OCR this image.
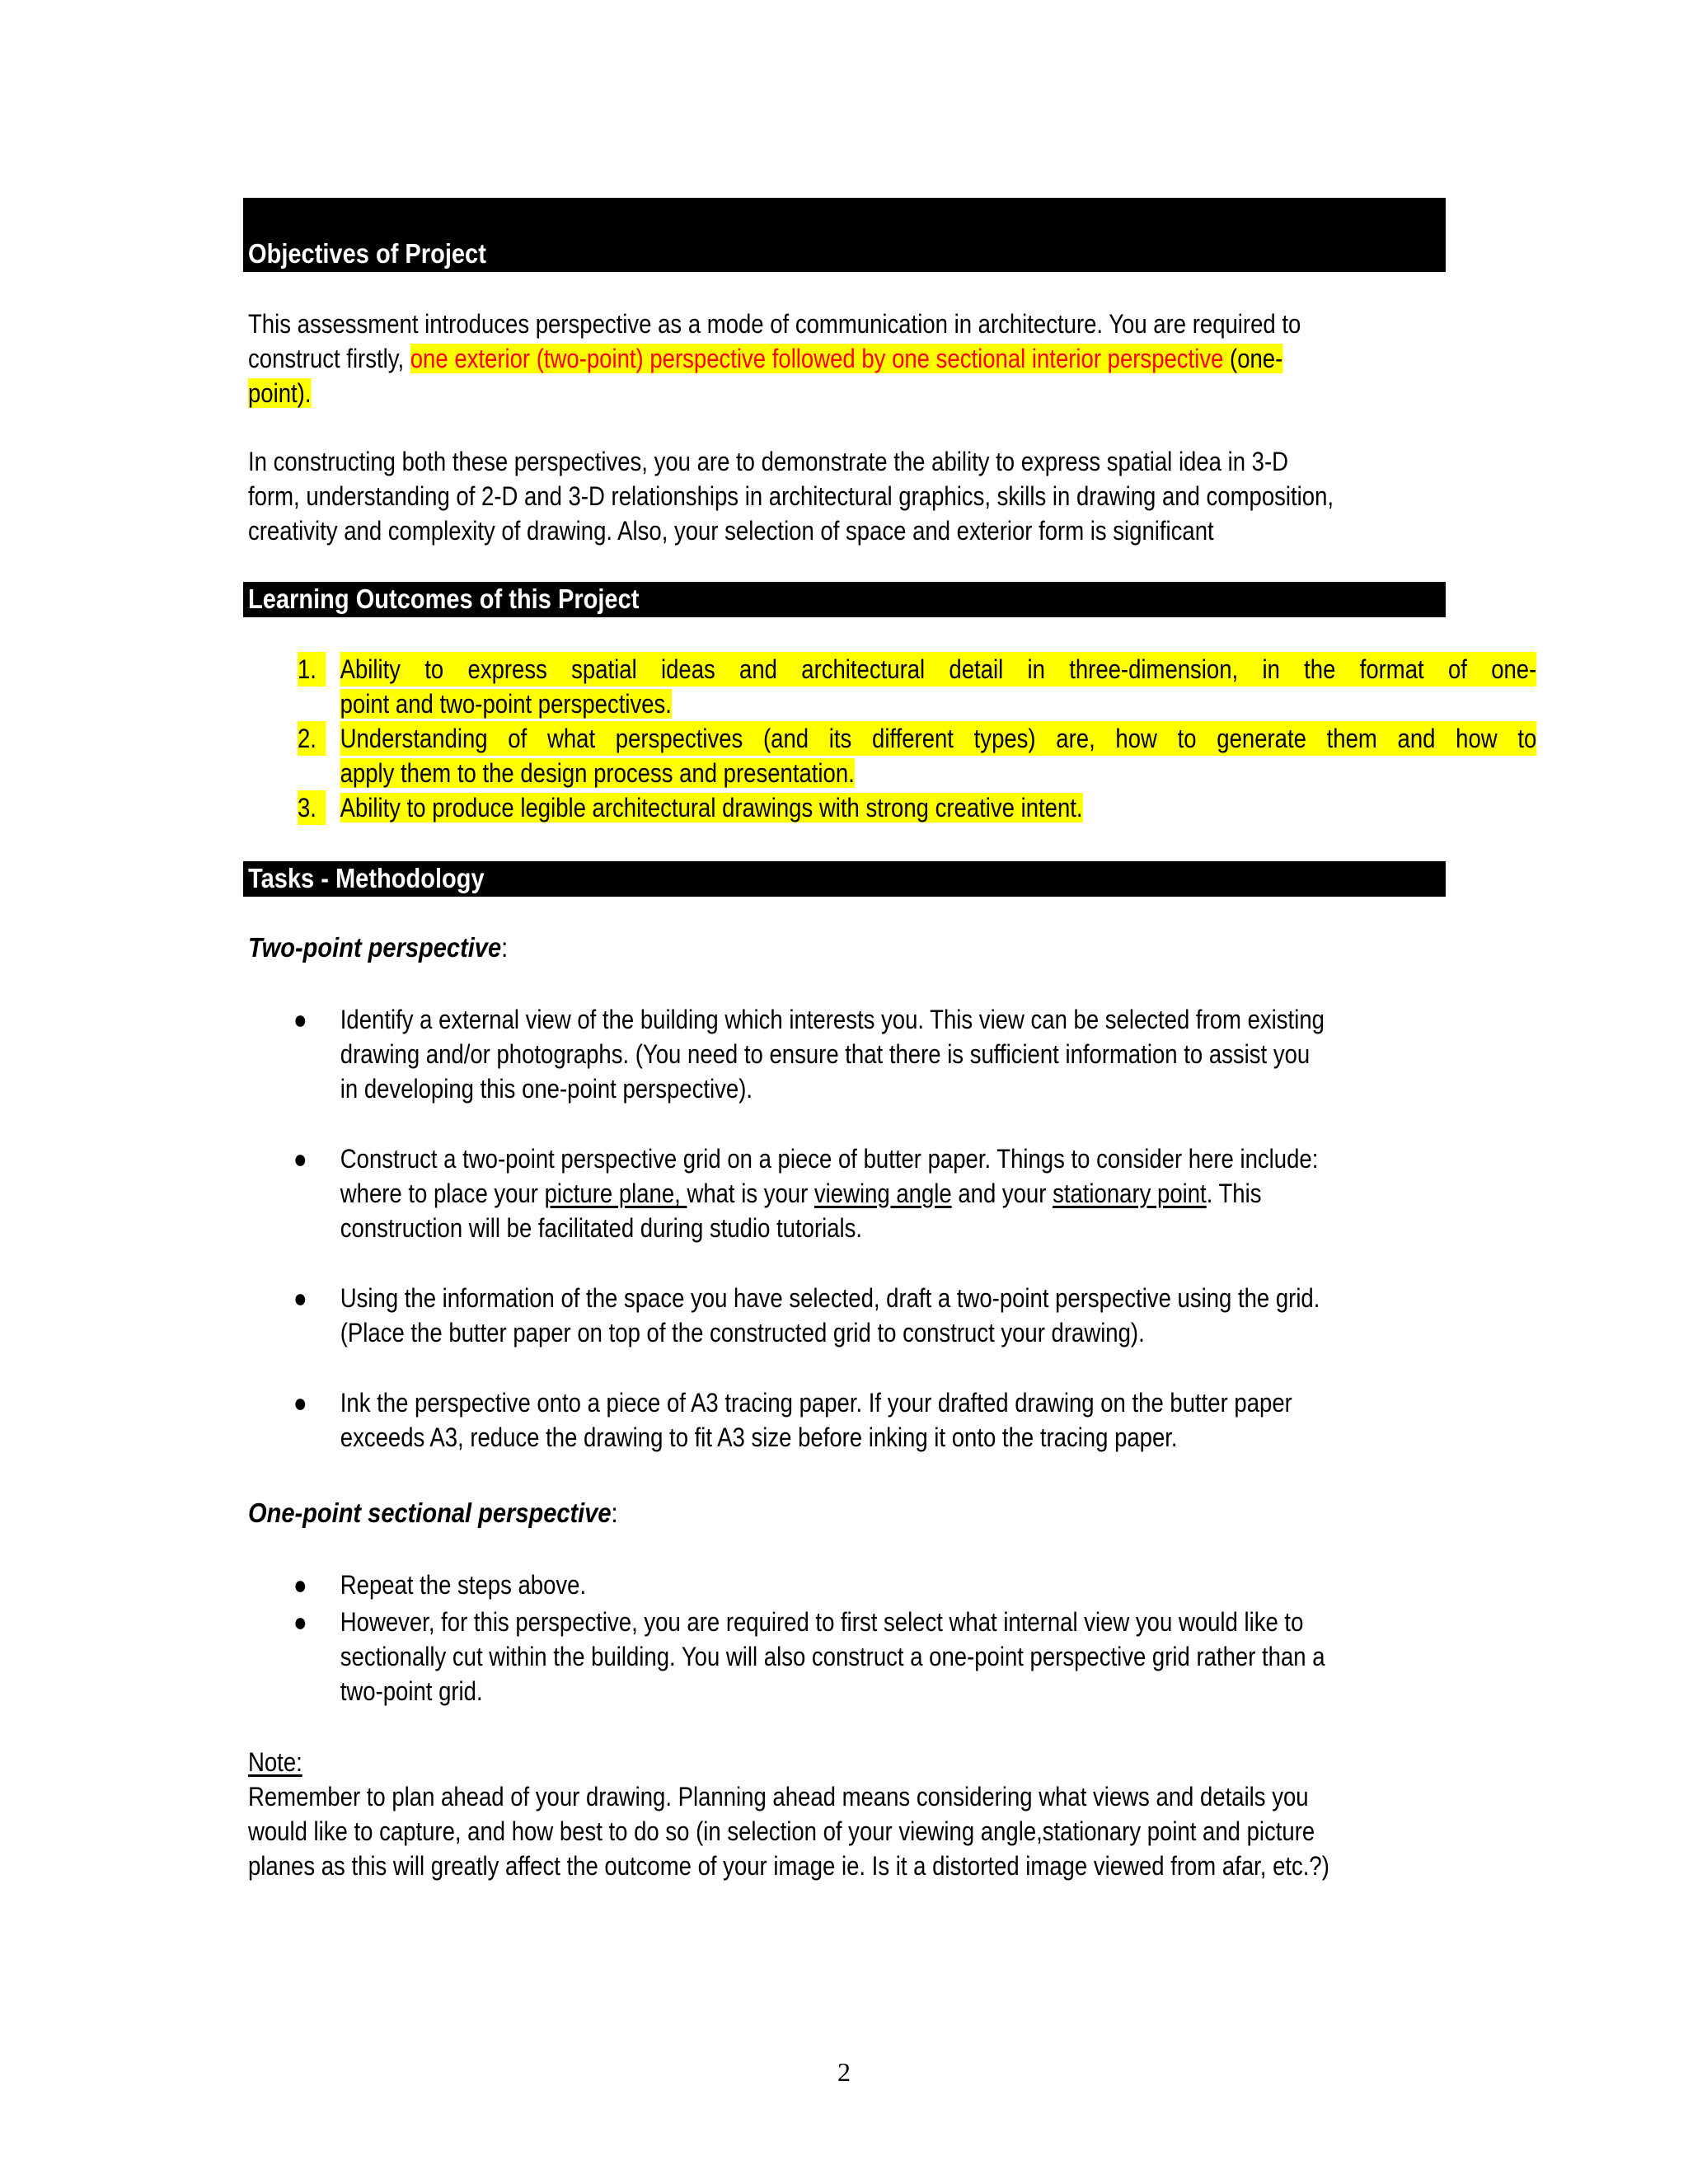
Objectives of Project
This assessment introduces perspective as a mode of communication in architecture. You are required to
construct firstly, one exterior (two-point) perspective followed by one sectional interior perspective (one-
point).
In constructing both these perspectives, you are to demonstrate the ability to express spatial idea in 3-D
form, understanding of 2-D and 3-D relationships in architectural graphics, skills in drawing and composition,
creativity and complexity of drawing. Also, your selection of space and exterior form is significant
Learning Outcomes of this Project
1. Ability to express spatial ideas and architectural detail in three-dimension, in the format of one-
point and two-point perspectives.
2. Understanding of what perspectives (and its different types) are, how to generate them and how to
apply them to the design process and presentation.
3. Ability to produce legible architectural drawings with strong creative intent.
Tasks - Methodology
Two-point perspective:
● Identify a external view of the building which interests you. This view can be selected from existing
drawing and/or photographs. (You need to ensure that there is sufficient information to assist you
in developing this one-point perspective).
● Construct a two-point perspective grid on a piece of butter paper. Things to consider here include:
where to place your picture plane, what is your viewing angle and your stationary point. This
construction will be facilitated during studio tutorials.
● Using the information of the space you have selected, draft a two-point perspective using the grid.
(Place the butter paper on top of the constructed grid to construct your drawing).
● Ink the perspective onto a piece of A3 tracing paper. If your drafted drawing on the butter paper
exceeds A3, reduce the drawing to fit A3 size before inking it onto the tracing paper.
One-point sectional perspective:
● Repeat the steps above.
● However, for this perspective, you are required to first select what internal view you would like to
sectionally cut within the building. You will also construct a one-point perspective grid rather than a
two-point grid.
Note:
Remember to plan ahead of your drawing. Planning ahead means considering what views and details you
would like to capture, and how best to do so (in selection of your viewing angle,stationary point and picture
planes as this will greatly affect the outcome of your image ie. Is it a distorted image viewed from afar, etc.?)
2
